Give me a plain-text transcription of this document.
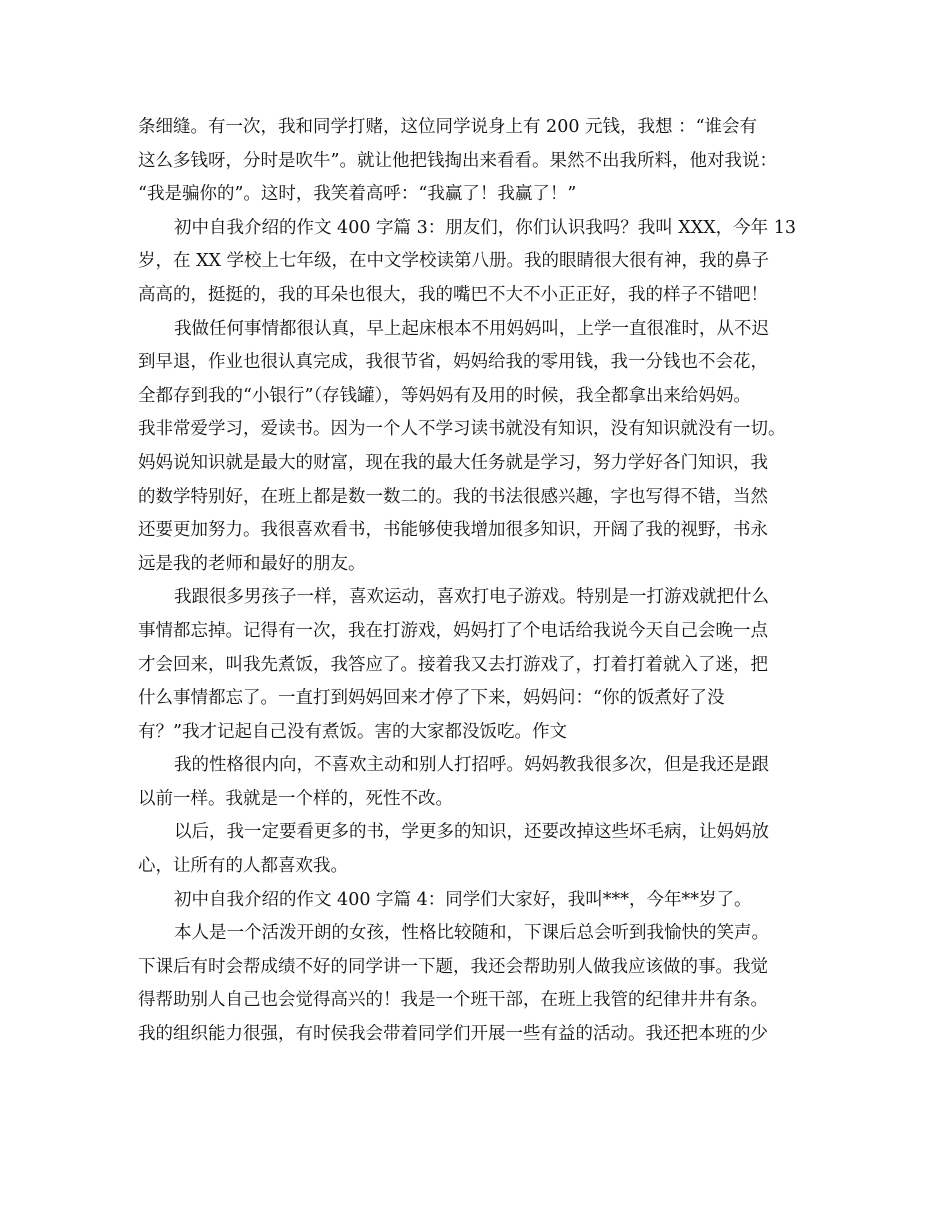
条细缝。有一次，我和同学打赌，这位同学说身上有 200 元钱，我想 ：“谁会有
这么多钱呀，分时是吹牛”。就让他把钱掏出来看看。果然不出我所料，他对我说：
“我是骗你的”。这时，我笑着高呼：“我赢了！我赢了！”
初中自我介绍的作文 400 字篇 3：朋友们，你们认识我吗？我叫 XXX，今年 13
岁，在 XX 学校上七年级，在中文学校读第八册。我的眼睛很大很有神，我的鼻子
高高的，挺挺的，我的耳朵也很大，我的嘴巴不大不小正正好，我的样子不错吧！
我做任何事情都很认真，早上起床根本不用妈妈叫，上学一直很准时，从不迟
到早退，作业也很认真完成，我很节省，妈妈给我的零用钱，我一分钱也不会花，
全都存到我的“小银行”（存钱罐），等妈妈有及用的时候，我全都拿出来给妈妈。
我非常爱学习，爱读书。因为一个人不学习读书就没有知识，没有知识就没有一切。
妈妈说知识就是最大的财富，现在我的最大任务就是学习，努力学好各门知识，我
的数学特别好，在班上都是数一数二的。我的书法很感兴趣，字也写得不错，当然
还要更加努力。我很喜欢看书，书能够使我增加很多知识，开阔了我的视野，书永
远是我的老师和最好的朋友。
我跟很多男孩子一样，喜欢运动，喜欢打电子游戏。特别是一打游戏就把什么
事情都忘掉。记得有一次，我在打游戏，妈妈打了个电话给我说今天自己会晚一点
才会回来，叫我先煮饭，我答应了。接着我又去打游戏了，打着打着就入了迷，把
什么事情都忘了。一直打到妈妈回来才停了下来，妈妈问：“你的饭煮好了没
有？”我才记起自己没有煮饭。害的大家都没饭吃。作文
我的性格很内向，不喜欢主动和别人打招呼。妈妈教我很多次，但是我还是跟
以前一样。我就是一个样的，死性不改。
以后，我一定要看更多的书，学更多的知识，还要改掉这些坏毛病，让妈妈放
心，让所有的人都喜欢我。
初中自我介绍的作文 400 字篇 4：同学们大家好，我叫***，今年**岁了。
本人是一个活泼开朗的女孩，性格比较随和，下课后总会听到我愉快的笑声。
下课后有时会帮成绩不好的同学讲一下题，我还会帮助别人做我应该做的事。我觉
得帮助别人自己也会觉得高兴的！我是一个班干部，在班上我管的纪律井井有条。
我的组织能力很强，有时侯我会带着同学们开展一些有益的活动。我还把本班的少
